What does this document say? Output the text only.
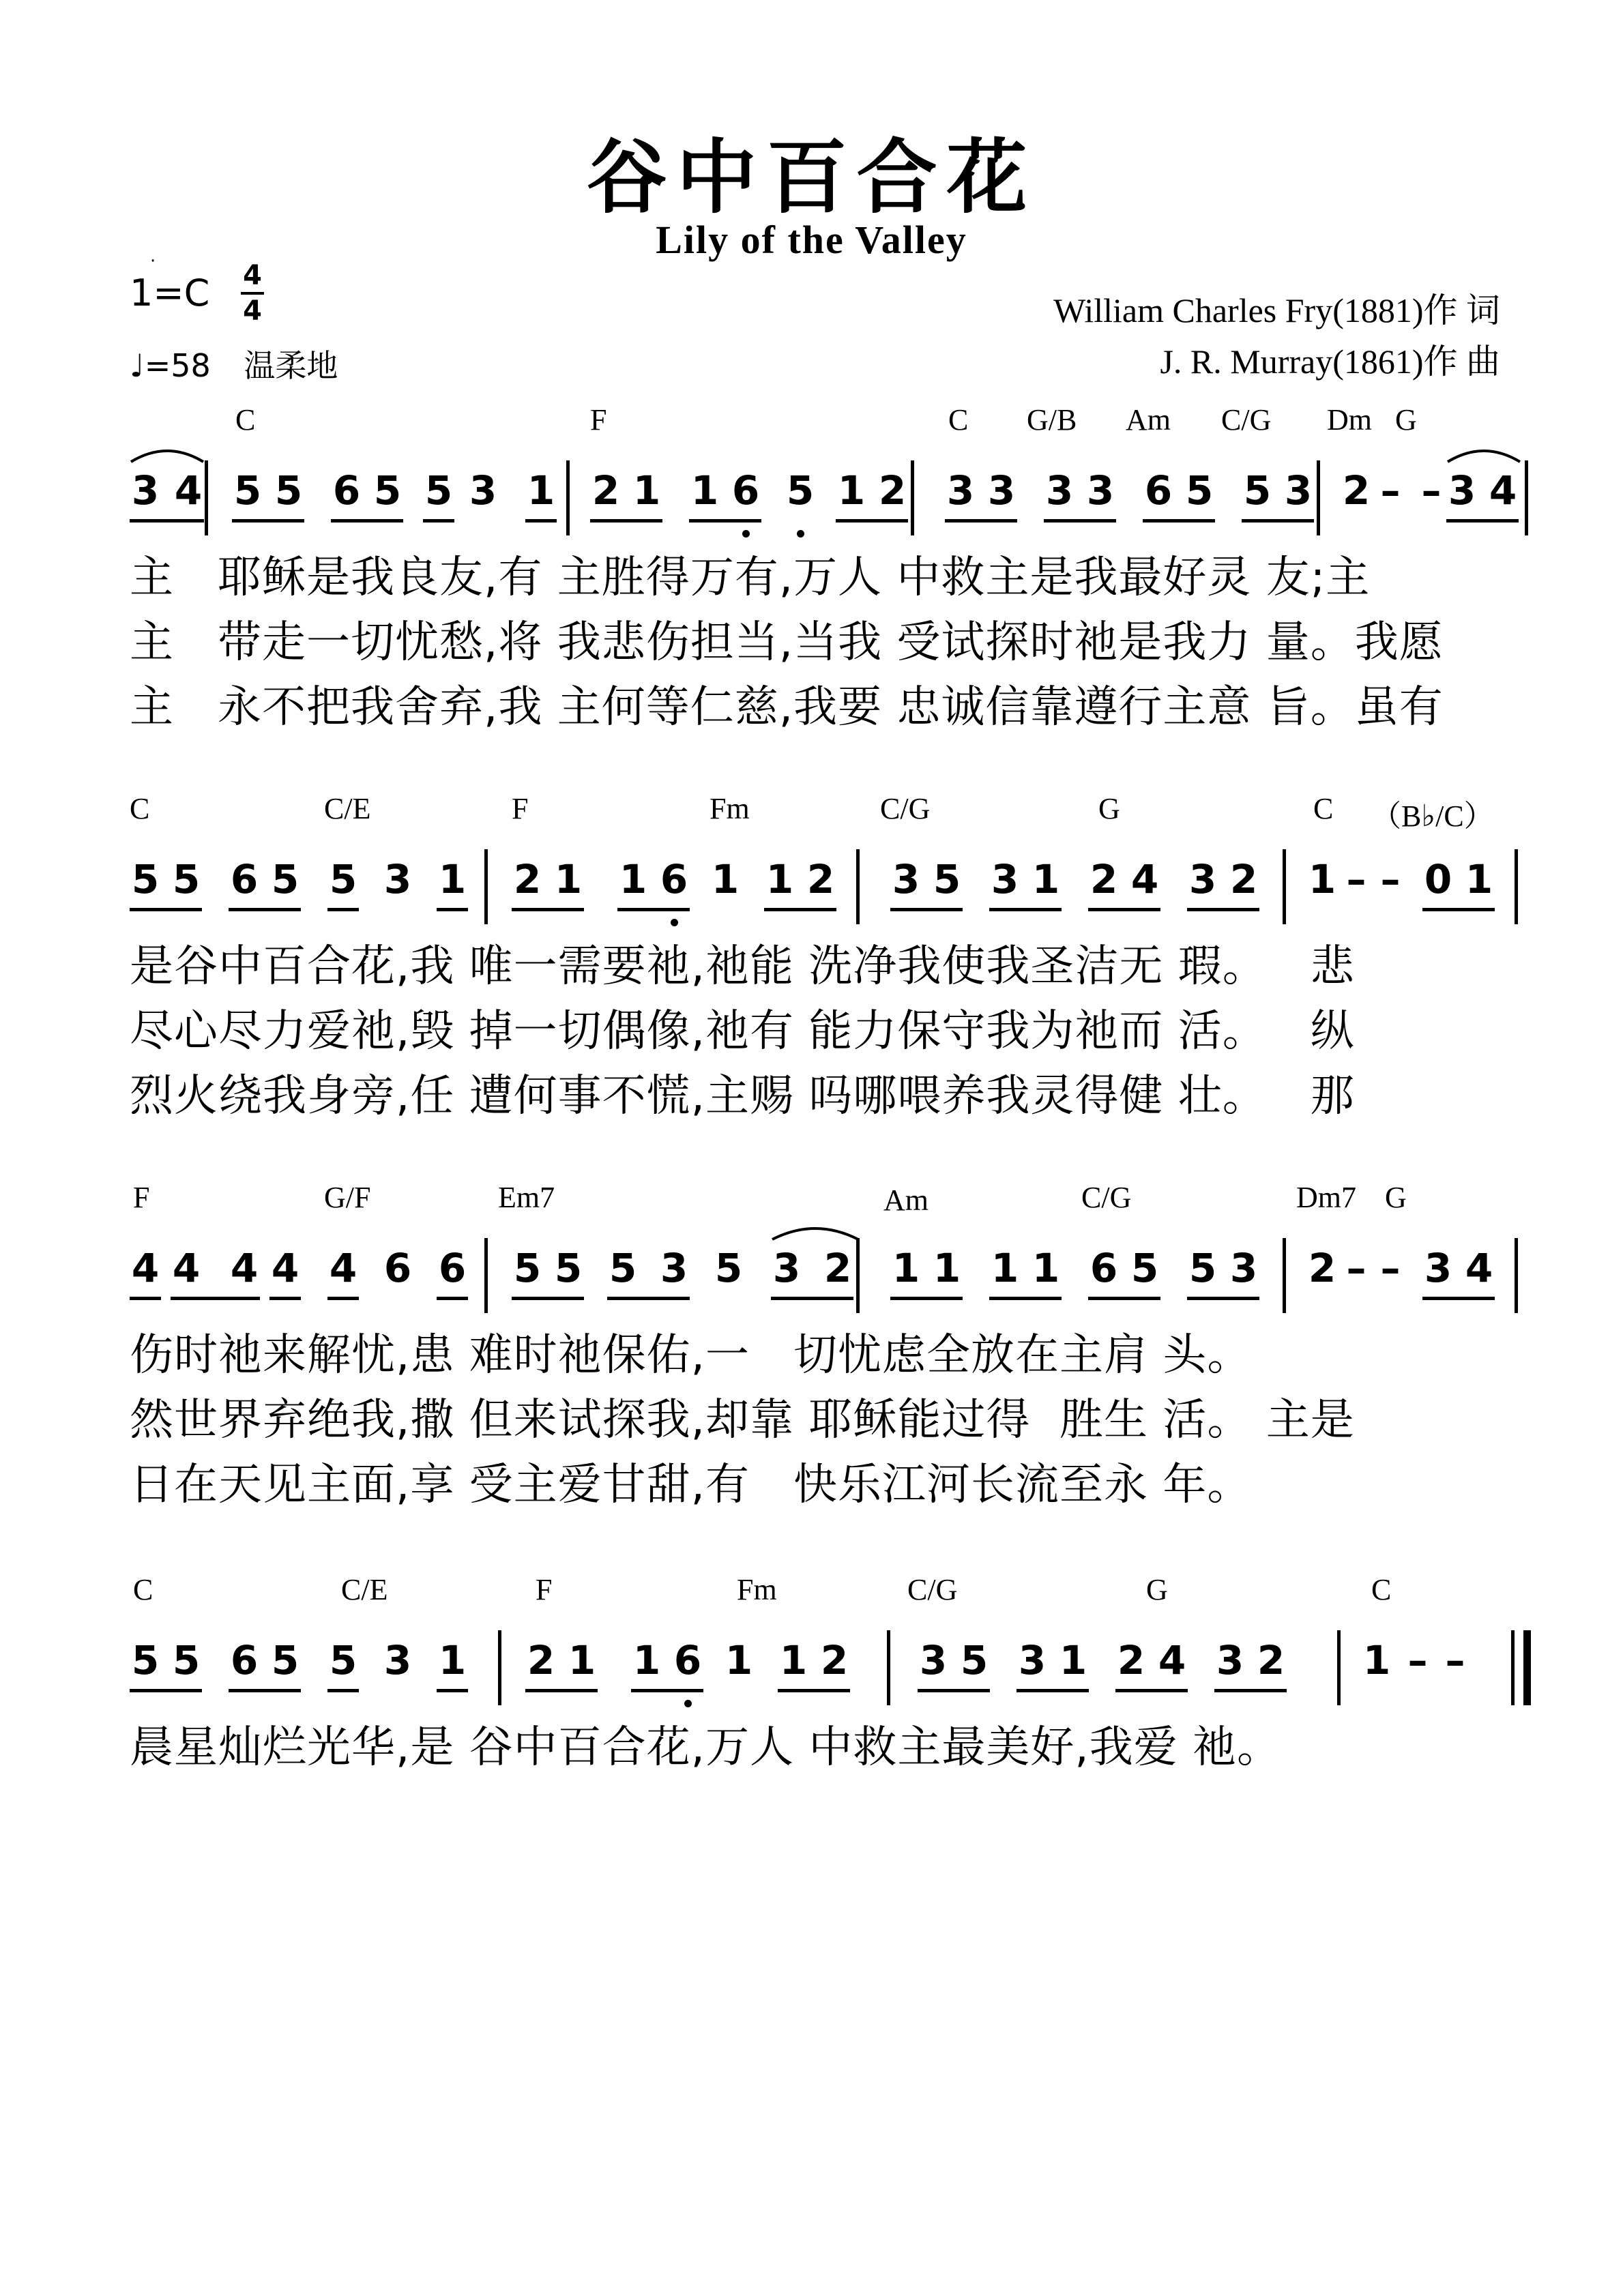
谷中百合花
Lily of the Valley
·
1=C 4
4
♩=58 温柔地
William Charles Fry(1881)作 词
J. R. Murray(1861)作 曲
C	F	C G/B Am C/G Dm G
3 4 5 5 6 5 5 3 1 2 1 1 6 5 1 2 3 3 3 3 6 5 5 3 2 – – 3 4
主   耶稣是我良友,有 主胜得万有,万人 中救主是我最好灵 友;主
主   带走一切忧愁,将 我悲伤担当,当我 受试探时祂是我力 量。我愿
主   永不把我舍弃,我 主何等仁慈,我要 忠诚信靠遵行主意 旨。虽有
C	C/E	F	Fm	C/G	G	C （B♭/C）
5 5 6 5 5 3 1 2 1 1 6 1 1 2 3 5 3 1 2 4 3 2 1 – – 0 1
是谷中百合花,我 唯一需要祂,祂能 洗净我使我圣洁无 瑕。   悲
尽心尽力爱祂,毁 掉一切偶像,祂有 能力保守我为祂而 活。   纵
烈火绕我身旁,任 遭何事不慌,主赐 吗哪喂养我灵得健 壮。   那
F	G/F	Em7	Am	C/G	Dm7 G
4 4 4 4 4 6 6 5 5 5 3 5 3 2 1 1 1 1 6 5 5 3 2 – – 3 4
伤时祂来解忧,患 难时祂保佑,一   切忧虑全放在主肩 头。
然世界弃绝我,撒 但来试探我,却靠 耶稣能过得  胜生 活。 主是
日在天见主面,享 受主爱甘甜,有   快乐江河长流至永 年。
C	C/E	F	Fm	C/G	G	C
5 5 6 5 5 3 1 2 1 1 6 1 1 2 3 5 3 1 2 4 3 2 1 – –
晨星灿烂光华,是 谷中百合花,万人 中救主最美好,我爱 祂。
